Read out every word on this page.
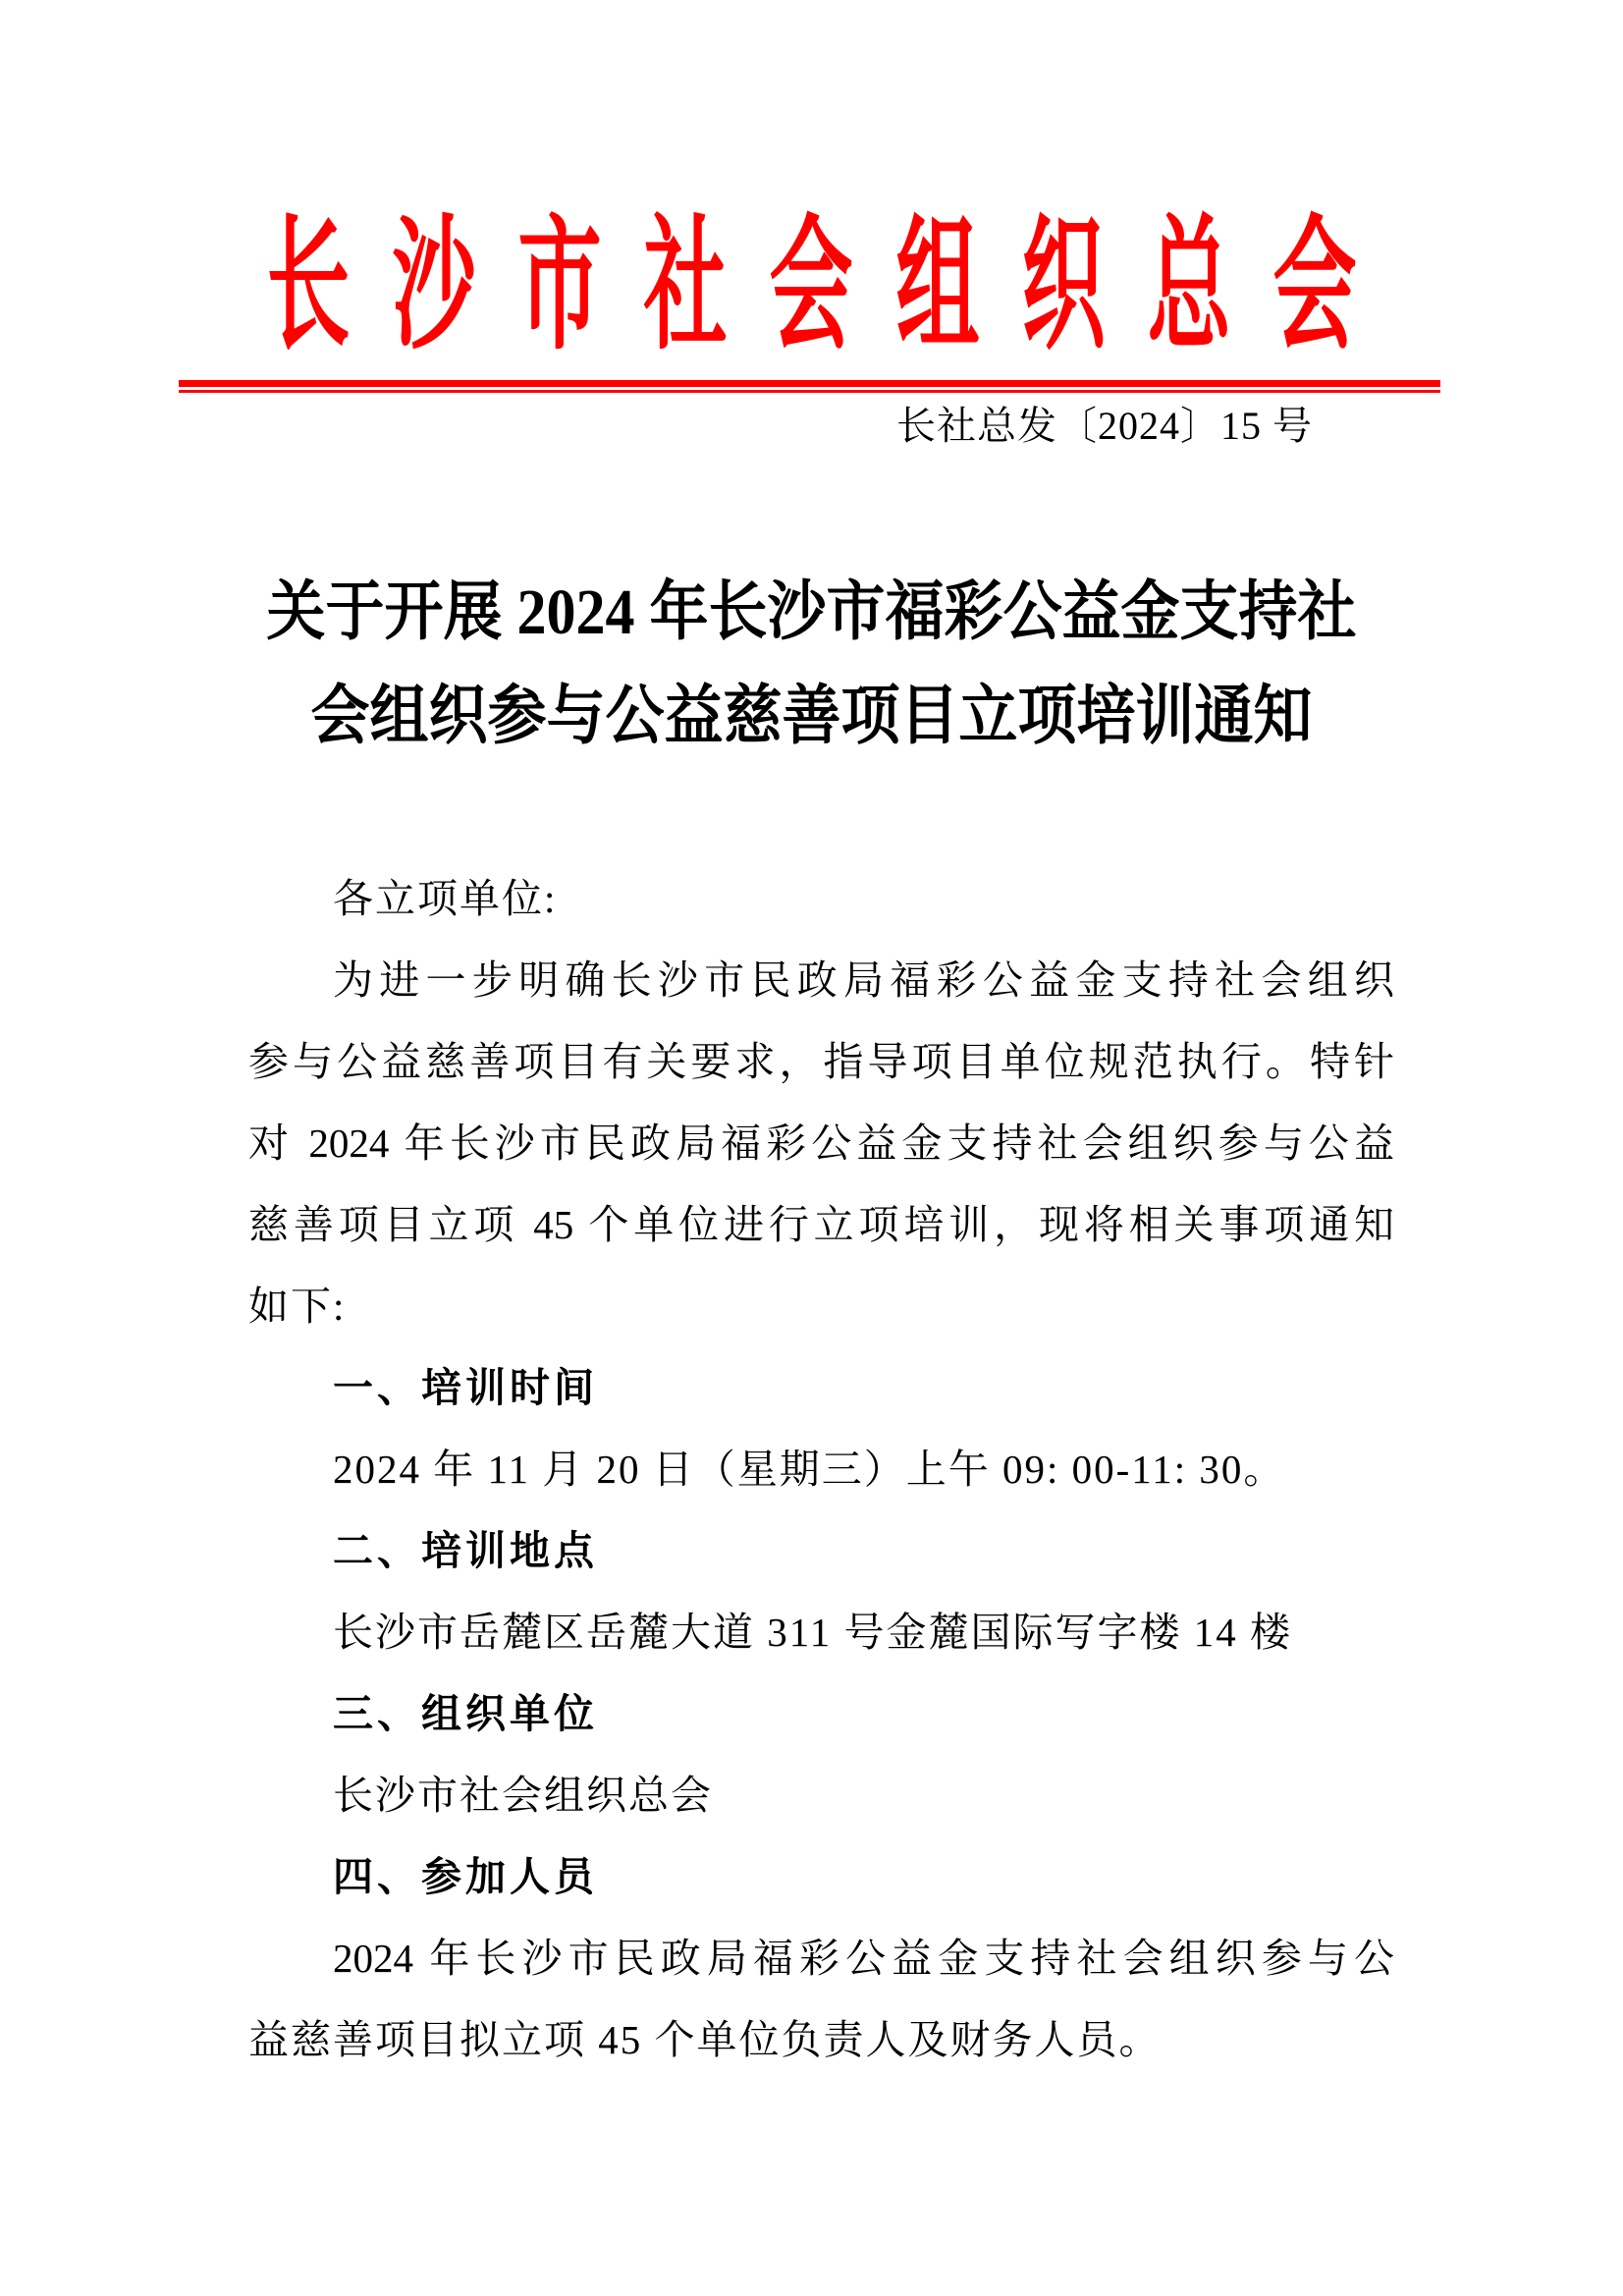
长 沙 市 社 会 组 织 总 会
长社总发〔2024〕15 号
关于开展 2024 年长沙市福彩公益金支持社
会组织参与公益慈善项目立项培训通知
各立项单位:
为进一步明确长沙市民政局福彩公益金支持社会组织
参与公益慈善项目有关要求，指导项目单位规范执行。特针
对 2024 年长沙市民政局福彩公益金支持社会组织参与公益
慈善项目立项 45 个单位进行立项培训，现将相关事项通知
如下:
一、培训时间
2024 年 11 月 20 日（星期三）上午 09: 00-11: 30。
二、培训地点
长沙市岳麓区岳麓大道 311 号金麓国际写字楼 14 楼
三、组织单位
长沙市社会组织总会
四、参加人员
2024 年长沙市民政局福彩公益金支持社会组织参与公
益慈善项目拟立项 45 个单位负责人及财务人员。
